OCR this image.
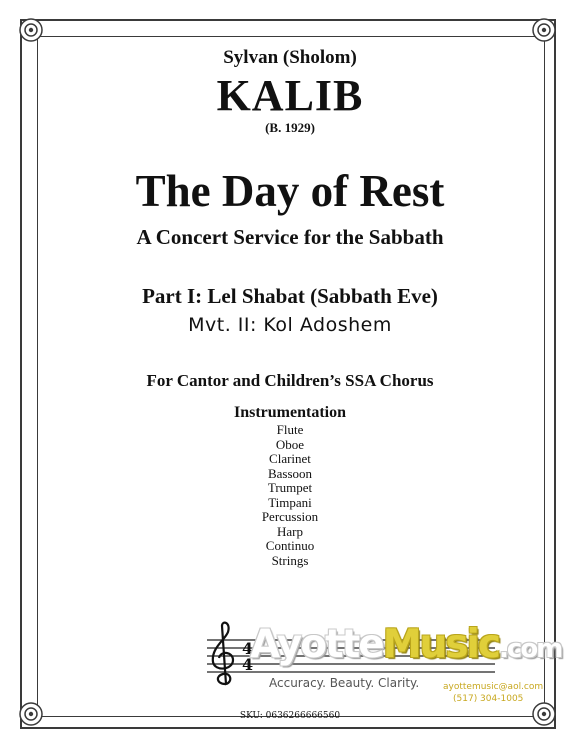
Sylvan (Sholom)
KALIB
(B. 1929)
The Day of Rest
A Concert Service for the Sabbath
Part I: Lel Shabat (Sabbath Eve)
Mvt. II: Kol Adoshem
For Cantor and Children’s SSA Chorus
Instrumentation
Flute
Oboe
Clarinet
Bassoon
Trumpet
Timpani
Percussion
Harp
Continuo
Strings
4
4
AyotteMusic.com
Accuracy. Beauty. Clarity.	ayottemusic@aol.com
(517) 304-1005
SKU: 0636266666560
